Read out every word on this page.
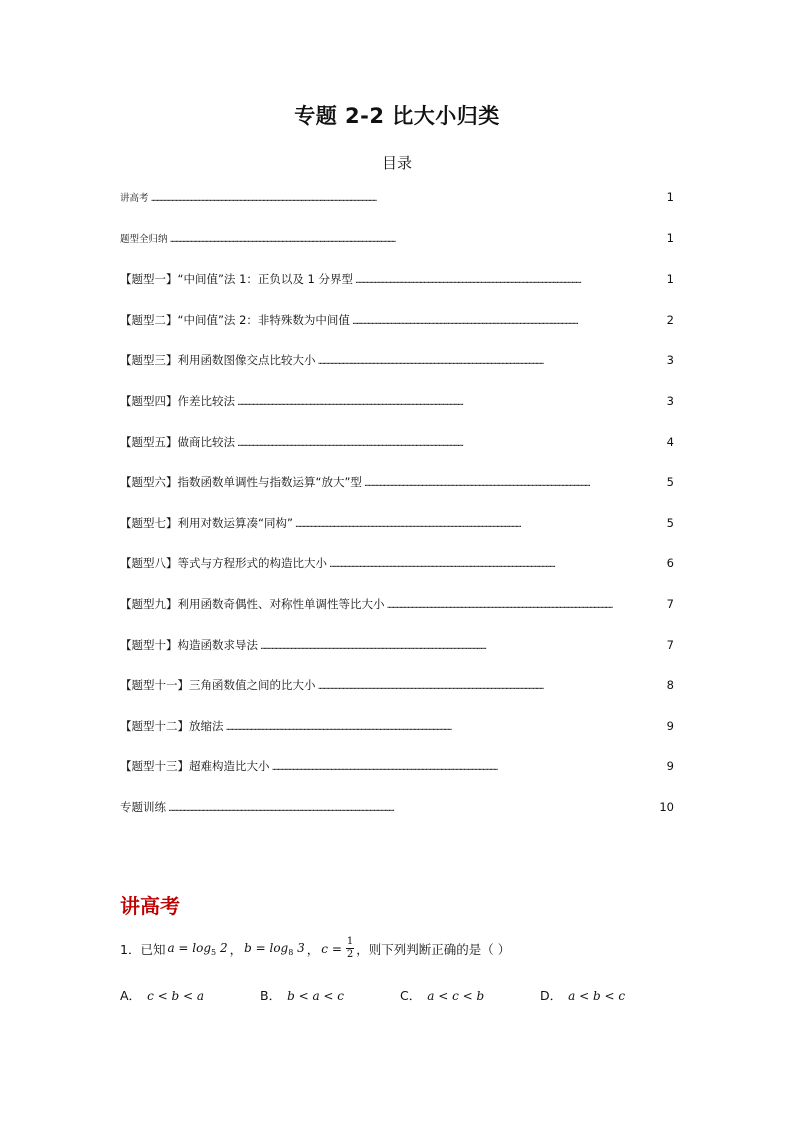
专题 2-2 比大小归类
目录
讲高考 . . .	1
题型全归纳 . . .	1
【题型一】“中间值”法 1：正负以及 1 分界型 . . .	1
【题型二】“中间值”法 2：非特殊数为中间值 . . .	2
【题型三】利用函数图像交点比较大小 . . .	3
【题型四】作差比较法 . . .	3
【题型五】做商比较法 . . .	4
【题型六】指数函数单调性与指数运算“放大”型 . . .	5
【题型七】利用对数运算凑“同构” . . .	5
【题型八】等式与方程形式的构造比大小 . . .	6
【题型九】利用函数奇偶性、对称性单调性等比大小 . . .	7
【题型十】构造函数求导法 . . .	7
【题型十一】三角函数值之间的比大小 . . .	8
【题型十二】放缩法 . . .	9
【题型十三】超难构造比大小 . . .	9
专题训练 . . .	10
讲高考
1．已知 $a = \log_5 2$ ， $b = \log_8 3$ ， $c = \frac{1}{2}$ ，则下列判断正确的是（ ）
A． c < b < a	B． b < a < c	C． a < c < b	D． a < b < c
